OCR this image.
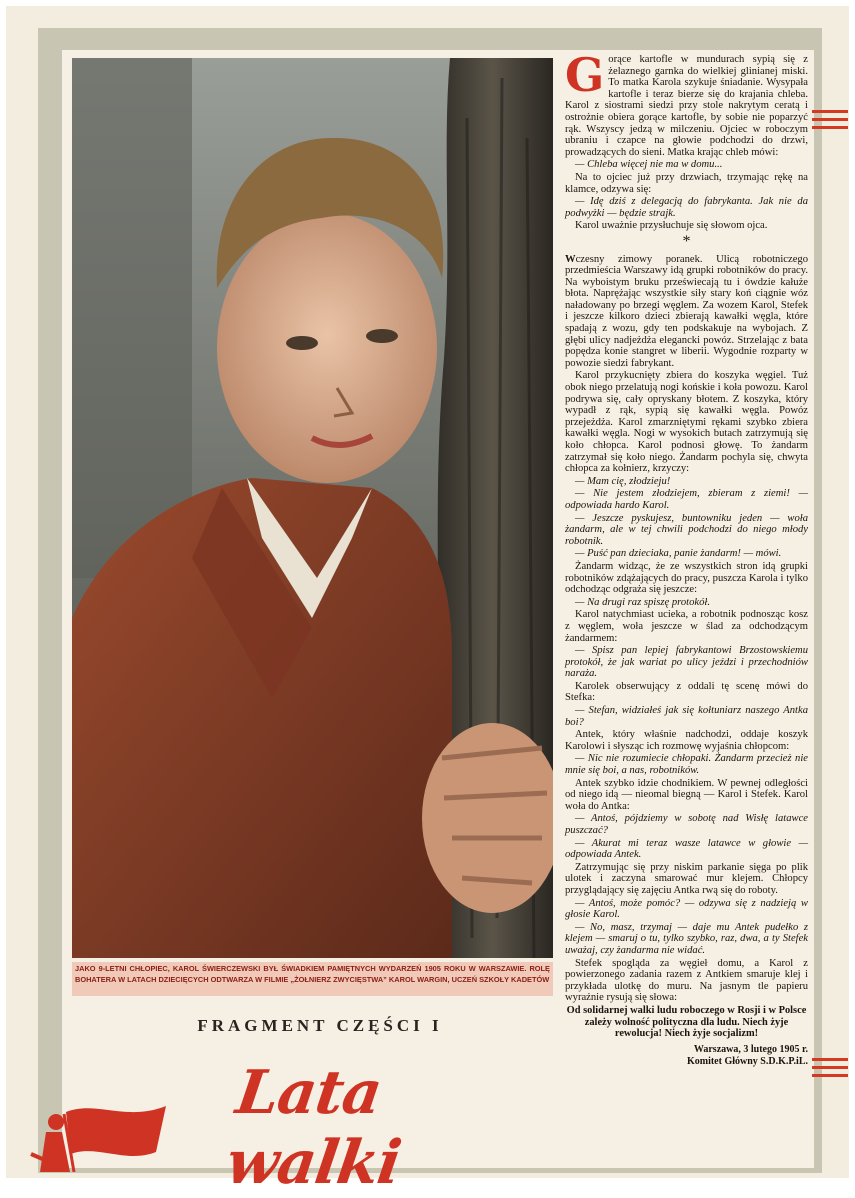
JAKO 9-LETNI CHŁOPIEC, KAROL ŚWIERCZEWSKI BYŁ ŚWIADKIEM PAMIĘTNYCH WYDARZEŃ 1905 ROKU W WARSZAWIE. ROLĘ BOHATERA W LATACH DZIECIĘCYCH ODTWARZA W FILMIE „ŻOŁNIERZ ZWYCIĘSTWA” KAROL WARGIN, UCZEŃ SZKOŁY KADETÓW
FRAGMENT CZĘŚCI I
Lata walki

Gorące kartofle w mundurach sypią się z żelaznego garnka do wielkiej glinianej miski. To matka Karola szykuje śniadanie. Wysypała kartofle i teraz bierze się do krajania chleba. Karol z siostrami siedzi przy stole nakrytym ceratą i ostrożnie obiera gorące kartofle, by sobie nie poparzyć rąk. Wszyscy jedzą w milczeniu. Ojciec w roboczym ubraniu i czapce na głowie podchodzi do drzwi, prowadzących do sieni. Matka krając chleb mówi:

— Chleba więcej nie ma w domu...

Na to ojciec już przy drzwiach, trzymając rękę na klamce, odzywa się:

— Idę dziś z delegacją do fabrykanta. Jak nie da podwyżki — będzie strajk.

Karol uważnie przysłuchuje się słowom ojca.

*

Wczesny zimowy poranek. Ulicą robotniczego przedmieścia Warszawy idą grupki robotników do pracy. Na wyboistym bruku przeświecają tu i ówdzie kałuże błota. Naprężając wszystkie siły stary koń ciągnie wóz naładowany po brzegi węglem. Za wozem Karol, Stefek i jeszcze kilkoro dzieci zbierają kawałki węgla, które spadają z wozu, gdy ten podskakuje na wybojach. Z głębi ulicy nadjeżdża elegancki powóz. Strzelając z bata popędza konie stangret w liberii. Wygodnie rozparty w powozie siedzi fabrykant.

Karol przykucnięty zbiera do koszyka węgiel. Tuż obok niego przelatują nogi końskie i koła powozu. Karol podrywa się, cały opryskany błotem. Z koszyka, który wypadł z rąk, sypią się kawałki węgla. Powóz przejeżdża. Karol zmarzniętymi rękami szybko zbiera kawałki węgla. Nogi w wysokich butach zatrzymują się koło chłopca. Karol podnosi głowę. To żandarm zatrzymał się koło niego. Żandarm pochyla się, chwyta chłopca za kołnierz, krzyczy:

— Mam cię, złodzieju!

— Nie jestem złodziejem, zbieram z ziemi! — odpowiada hardo Karol.

— Jeszcze pyskujesz, buntowniku jeden — woła żandarm, ale w tej chwili podchodzi do niego młody robotnik.

— Puść pan dzieciaka, panie żandarm! — mówi.

Żandarm widząc, że ze wszystkich stron idą grupki robotników zdążających do pracy, puszcza Karola i tylko odchodząc odgraża się jeszcze:

— Na drugi raz spiszę protokół.

Karol natychmiast ucieka, a robotnik podnosząc kosz z węglem, woła jeszcze w ślad za odchodzącym żandarmem:

— Spisz pan lepiej fabrykantowi Brzostowskiemu protokół, że jak wariat po ulicy jeździ i przechodniów naraża.

Karolek obserwujący z oddali tę scenę mówi do Stefka:

— Stefan, widziałeś jak się kołtuniarz naszego Antka boi?

Antek, który właśnie nadchodzi, oddaje koszyk Karolowi i słysząc ich rozmowę wyjaśnia chłopcom:

— Nic nie rozumiecie chłopaki. Żandarm przecież nie mnie się boi, a nas, robotników.

Antek szybko idzie chodnikiem. W pewnej odległości od niego idą — nieomal biegną — Karol i Stefek. Karol woła do Antka:

— Antoś, pójdziemy w sobotę nad Wisłę latawce puszczać?

— Akurat mi teraz wasze latawce w głowie — odpowiada Antek.

Zatrzymując się przy niskim parkanie sięga po plik ulotek i zaczyna smarować mur klejem. Chłopcy przyglądający się zajęciu Antka rwą się do roboty.

— Antoś, może pomóc? — odzywa się z nadzieją w głosie Karol.

— No, masz, trzymaj — daje mu Antek pudełko z klejem — smaruj o tu, tylko szybko, raz, dwa, a ty Stefek uważaj, czy żandarma nie widać.

Stefek spogląda za węgieł domu, a Karol z powierzonego zadania razem z Antkiem smaruje klej i przykłada ulotkę do muru. Na jasnym tle papieru wyraźnie rysują się słowa:

Od solidarnej walki ludu roboczego w Rosji i w Polsce zależy wolność polityczna dla ludu. Niech żyje rewolucja! Niech żyje socjalizm!

Warszawa, 3 lutego 1905 r.

Komitet Główny S.D.K.P.iL.
